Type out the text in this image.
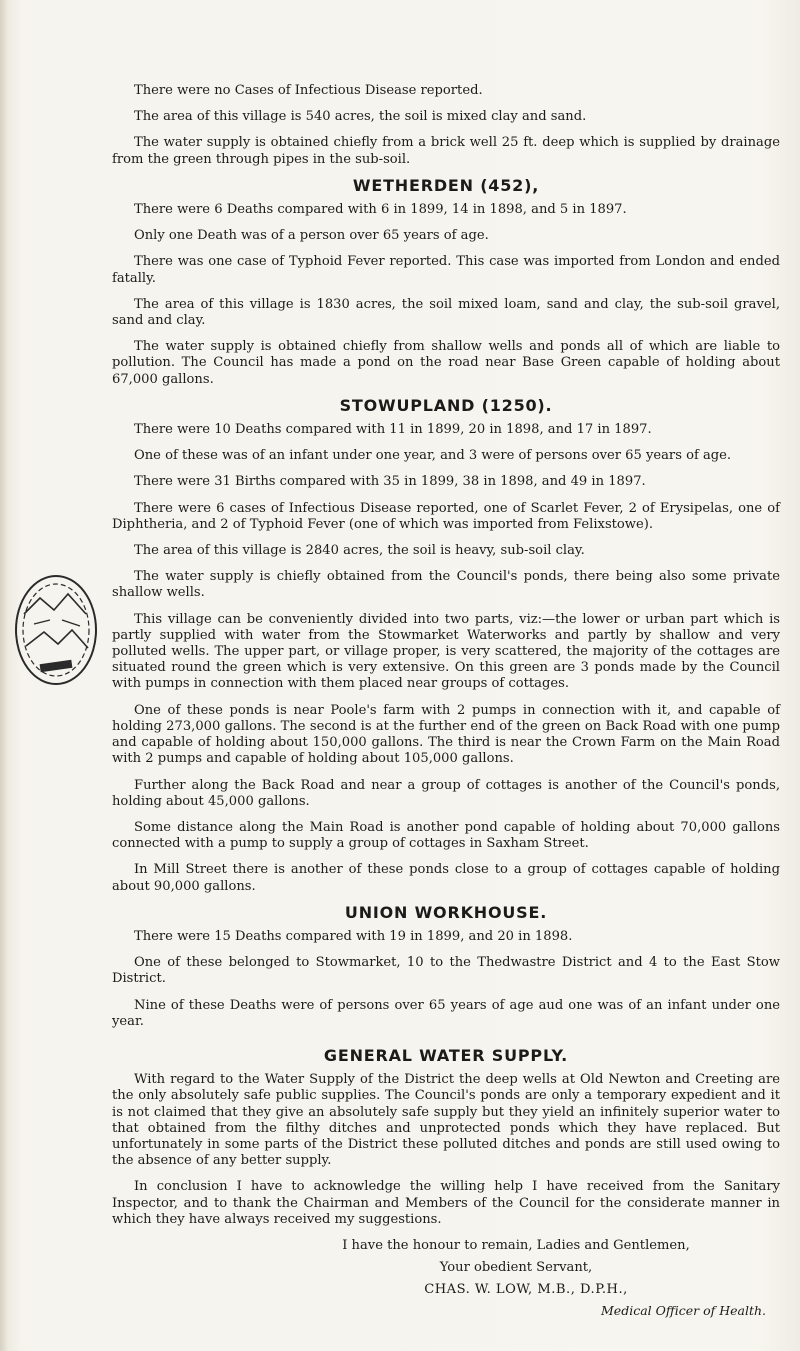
There were no Cases of Infectious Disease reported.

The area of this village is 540 acres, the soil is mixed clay and sand.

The water supply is obtained chiefly from a brick well 25 ft. deep which is supplied by drainage from the green through pipes in the sub-soil.

WETHERDEN (452),

There were 6 Deaths compared with 6 in 1899, 14 in 1898, and 5 in 1897.

Only one Death was of a person over 65 years of age.

There was one case of Typhoid Fever reported. This case was imported from London and ended fatally.

The area of this village is 1830 acres, the soil mixed loam, sand and clay, the sub-soil gravel, sand and clay.

The water supply is obtained chiefly from shallow wells and ponds all of which are liable to pollution. The Council has made a pond on the road near Base Green capable of holding about 67,000 gallons.

STOWUPLAND (1250).

There were 10 Deaths compared with 11 in 1899, 20 in 1898, and 17 in 1897.

One of these was of an infant under one year, and 3 were of persons over 65 years of age.

There were 31 Births compared with 35 in 1899, 38 in 1898, and 49 in 1897.

There were 6 cases of Infectious Disease reported, one of Scarlet Fever, 2 of Erysipelas, one of Diphtheria, and 2 of Typhoid Fever (one of which was imported from Felixstowe).

The area of this village is 2840 acres, the soil is heavy, sub-soil clay.

The water supply is chiefly obtained from the Council's ponds, there being also some private shallow wells.

This village can be conveniently divided into two parts, viz:—the lower or urban part which is partly supplied with water from the Stowmarket Waterworks and partly by shallow and very polluted wells. The upper part, or village proper, is very scattered, the majority of the cottages are situated round the green which is very extensive. On this green are 3 ponds made by the Council with pumps in connection with them placed near groups of cottages.

One of these ponds is near Poole's farm with 2 pumps in connection with it, and capable of holding 273,000 gallons. The second is at the further end of the green on Back Road with one pump and capable of holding about 150,000 gallons. The third is near the Crown Farm on the Main Road with 2 pumps and capable of holding about 105,000 gallons.

Further along the Back Road and near a group of cottages is another of the Council's ponds, holding about 45,000 gallons.

Some distance along the Main Road is another pond capable of holding about 70,000 gallons connected with a pump to supply a group of cottages in Saxham Street.

In Mill Street there is another of these ponds close to a group of cottages capable of holding about 90,000 gallons.

UNION WORKHOUSE.

There were 15 Deaths compared with 19 in 1899, and 20 in 1898.

One of these belonged to Stowmarket, 10 to the Thedwastre District and 4 to the East Stow District.

Nine of these Deaths were of persons over 65 years of age aud one was of an infant under one year.

GENERAL WATER SUPPLY.

With regard to the Water Supply of the District the deep wells at Old Newton and Creeting are the only absolutely safe public supplies. The Council's ponds are only a temporary expedient and it is not claimed that they give an absolutely safe supply but they yield an infinitely superior water to that obtained from the filthy ditches and unprotected ponds which they have replaced. But unfortunately in some parts of the District these polluted ditches and ponds are still used owing to the absence of any better supply.

In conclusion I have to acknowledge the willing help I have received from the Sanitary Inspector, and to thank the Chairman and Members of the Council for the considerate manner in which they have always received my suggestions.

I have the honour to remain, Ladies and Gentlemen,
Your obedient Servant,
CHAS. W. LOW, M.B., D.P.H.,
Medical Officer of Health.
